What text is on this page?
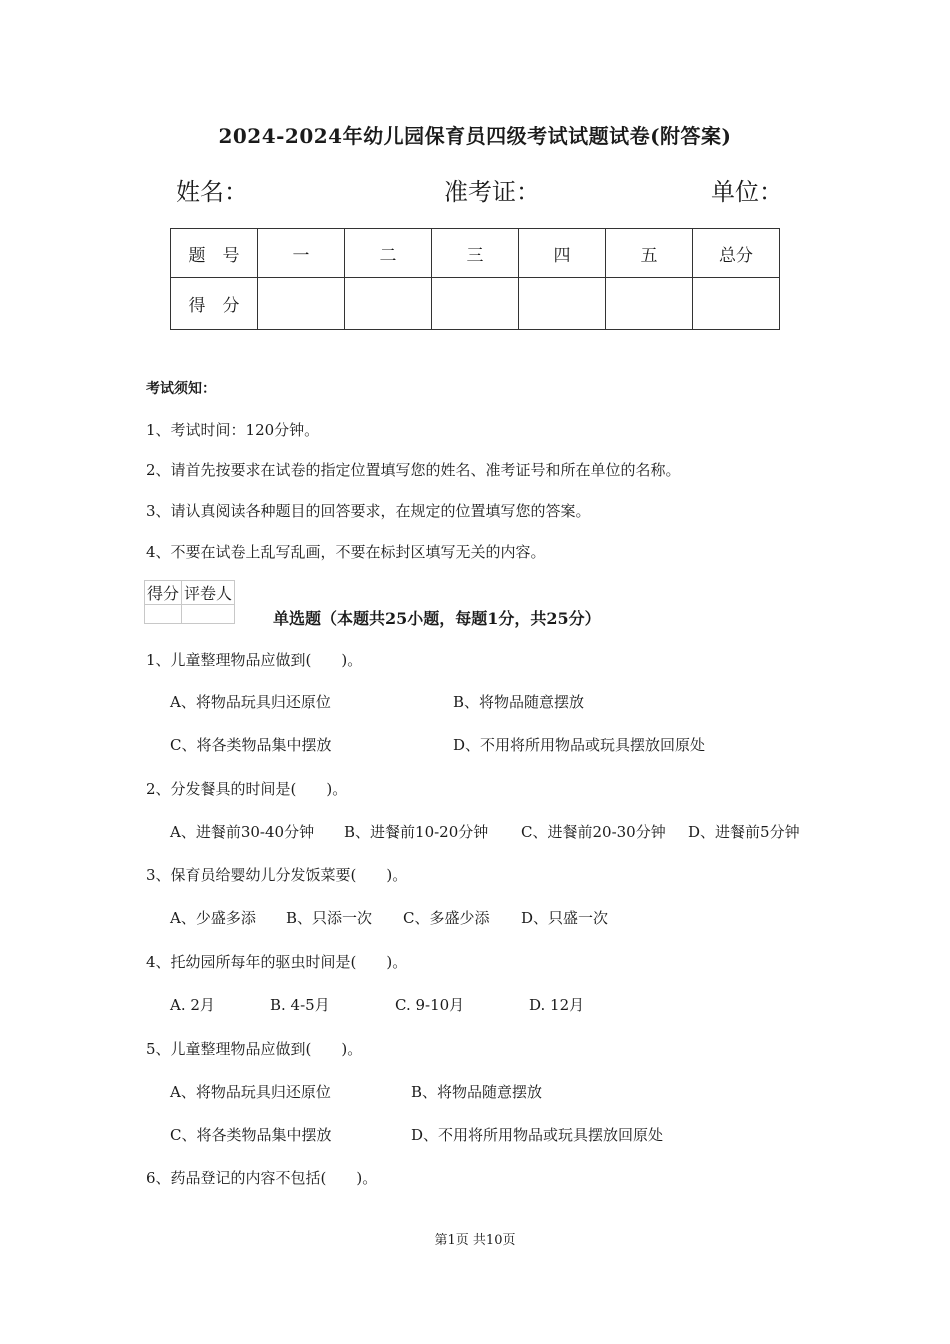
2024-2024年幼儿园保育员四级考试试题试卷(附答案)
姓名：	准考证：	单位：
题　号	一	二	三	四	五	总分
得　分						
考试须知：
1、考试时间：120分钟。
2、请首先按要求在试卷的指定位置填写您的姓名、准考证号和所在单位的名称。
3、请认真阅读各种题目的回答要求，在规定的位置填写您的答案。
4、不要在试卷上乱写乱画，不要在标封区填写无关的内容。
得分	评卷人

单选题（本题共25小题，每题1分，共25分）
1、儿童整理物品应做到(　　)。
A、将物品玩具归还原位	B、将物品随意摆放
C、将各类物品集中摆放	D、不用将所用物品或玩具摆放回原处
2、分发餐具的时间是(　　)。
A、进餐前30-40分钟 B、进餐前10-20分钟 C、进餐前20-30分钟 D、进餐前5分钟
3、保育员给婴幼儿分发饭菜要(　　)。
A、少盛多添 B、只添一次 C、多盛少添 D、只盛一次
4、托幼园所每年的驱虫时间是(　　)。
A. 2月	B. 4-5月	C. 9-10月	D. 12月
5、儿童整理物品应做到(　　)。
A、将物品玩具归还原位	B、将物品随意摆放
C、将各类物品集中摆放	D、不用将所用物品或玩具摆放回原处
6、药品登记的内容不包括(　　)。
第1页 共10页
